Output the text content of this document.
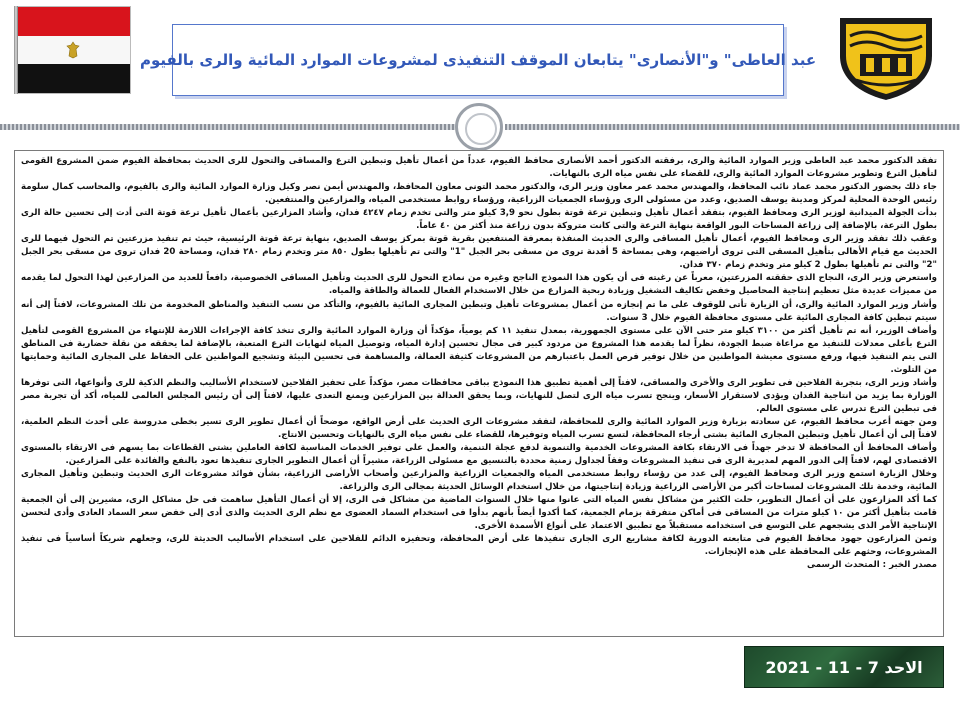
عبد العاطى" و"الأنصارى" يتابعان الموقف التنفيذى لمشروعات الموارد المائية والرى بالفيوم

تفقد الدكتور محمد عبد العاطى وزير الموارد المائية والرى، برفقته الدكتور أحمد الأنصارى محافظ الفيوم، عدداً من أعمال تأهيل وتبطين الترع والمساقى والتحول للرى الحديث بمحافظة الفيوم ضمن المشروع القومى لتأهيل الترع وتطوير مشروعات الموارد المائية والرى، للقضاء على نفس مياه الرى بالنهايات.

جاء ذلك بحضور الدكتور محمد عماد نائب المحافظ، والمهندس محمد عمر معاون وزير الرى، والدكتور محمد التونى معاون المحافظ، والمهندس أيمن نصر وكيل وزارة الموارد المائية والرى بالفيوم، والمحاسب كمال سلومة رئيس الوحدة المحلية لمركز ومدينة يوسف الصديق، وعدد من مسئولى الرى ورؤساء الجمعيات الزراعية، ورؤساء روابط مستخدمى المياه، والمزارعين والمنتفعين.

بدأت الجولة الميدانية لوزير الرى ومحافظ الفيوم، بتفقد أعمال تأهيل وتبطين ترعة قوتة بطول نحو 3,9 كيلو متر والتى تخدم زمام ٤٢٤٧ فدان، وأشاد المزارعين بأعمال تأهيل ترعة قوتة التى أدت إلى تحسين حالة الرى بطول الترعة، بالإضافة إلى زراعة المساحات البور الواقعة بنهاية الترعة والتى كانت متروكة بدون زراعة منذ أكثر من ٤٠ عاماً.

وعقب ذلك تفقد وزير الرى ومحافظ الفيوم، أعمال تأهيل المساقى والرى الحديث المنفذة بمعرفة المنتفعين بقرية قوتة بمركز يوسف الصديق، بنهاية ترعة قوتة الرئيسية، حيث تم تنفيذ مزرعتين تم التحول فيهما للرى الحديث مع قيام الأهالى بتأهيل المسقى التى تروى أراضيهم، وهى بمساحة 5 أفدنة تروى من مسقى بحر الجبل "1" والتى تم تأهيلها بطول ٨٥٠ متر وتخدم زمام ٢٨٠ فدان، ومساحة 20 فدان تروى من مسقى بحر الجبل "2" والتى تم تأهيلها بطول 2 كيلو متر وتخدم زمام ٣٧٠ فدان.

واستعرض وزير الرى، النجاح الذى حققته المزرعتين، معرباً عن رغبته فى أن يكون هذا النموذج الناجح وغيره من نماذج التحول للرى الحديث وتأهيل المساقى الخصوصية، دافعاً للعديد من المزارعين لهذا التحول لما يقدمه من مميزات عديدة مثل تعظيم إنتاجية المحاصيل وخفض تكاليف التشغيل وزيادة ربحية المزارع من خلال الاستخدام الفعال للعمالة والطاقة والمياه.

وأشار وزير الموارد المائية والرى، أن الزيارة تأتى للوقوف على ما تم إنجازه من أعمال بمشروعات تأهيل وتبطين المجارى المائية بالفيوم، والتأكد من نسب التنفيذ والمناطق المخدومة من تلك المشروعات، لافتاً إلى أنه سيتم تبطين كافة المجارى المائية على مستوى محافظة الفيوم خلال 3 سنوات.

وأضاف الوزير، أنه تم تأهيل أكثر من ٣١٠٠ كيلو متر حتى الآن على مستوى الجمهورية، بمعدل تنفيذ ١١ كم يومياً، مؤكداً أن وزارة الموارد المائية والرى تتخذ كافة الإجراءات اللازمة للإنتهاء من المشروع القومى لتأهيل الترع بأعلى معدلات للتنفيذ مع مراعاة ضبط الجودة، نظراً لما يقدمه هذا المشروع من مردود كبير فى مجال تحسين إدارة المياه، وتوصيل المياه لنهايات الترع المتعبة، بالإضافة لما يحققه من نقلة حضارية فى المناطق التى يتم التنفيذ فيها، ورفع مستوى معيشة المواطنين من خلال توفير فرص العمل باعتبارهم من المشروعات كثيفة العمالة، والمساهمة فى تحسين البيئة وتشجيع المواطنين على الحفاظ على المجارى المائية وحمايتها من التلوث.

وأشاد وزير الرى، بتجربة الفلاحين فى تطوير الرى والأخرى والمساقى، لافتاً إلى أهمية تطبيق هذا النموذج بباقى محافظات مصر، مؤكداً على تحفيز الفلاحين لاستخدام الأساليب والنظم الذكية للرى وأنواعها، التى توفرها الوزارة بما يزيد من انتاجية الفدان ويؤدى لاستقرار الأسعار، وينجح تسرب مياه الرى لتصل للنهايات، وبما يحقق العدالة بين المزارعين ويمنع التعدى عليها، لافتاً إلى أن رئيس المجلس العالمى للمياه، أكد أن تجربة مصر فى تبطين الترع تدرس على مستوى العالم.

ومن جهته أعرب محافظ الفيوم، عن سعادته بزيارة وزير الموارد المائية والرى للمحافظة، لتفقد مشروعات الرى الحديث على أرض الواقع، موضحاً أن أعمال تطوير الرى تسير بخطى مدروسة على أحدث النظم العلمية، لافتاً إلى أن أعمال تأهيل وتبطين المجارى المائية بشتى أرجاء المحافظة، لتسع تسرب المياه وتوفيرها، للقضاء على نفس مياه الرى بالنهايات وتحسين الانتاج.

وأضاف المحافظ أن المحافظة لا تدخر جهداً فى الارتقاء بكافة المشروعات الخدمية والتنموية لدفع عجلة التنمية، والعمل على توفير الخدمات المناسبة لكافة العاملين بشتى القطاعات بما يسهم فى الارتقاء بالمستوى الاقتصادى لهم، لافتاً إلى الدور المهم لمديرية الرى فى تنفيذ المشروعات وفقاً لجداول زمنية محددة بالتنسيق مع مسئولى الزراعة، مشيراً أن أعمال التطوير الجارى تنفيذها تعود بالنفع والفائدة على المزارعين.

وخلال الزيارة استمع وزير الرى ومحافظ الفيوم، إلى عدد من رؤساء روابط مستخدمى المياه والجمعيات الزراعية والمزارعين وأصحاب الأراضى الزراعية، بشأن فوائد مشروعات الرى الحديث وتبطين وتأهيل المجارى المائية، وخدمة تلك المشروعات لمساحات أكبر من الأراضى الزراعية وزيادة إنتاجيتها، من خلال استخدام الوسائل الحديثة بمجالى الرى والزراعة.

كما أكد المزارعون على أن أعمال التطوير، حلت الكثير من مشاكل نفس المياه التى عانوا منها خلال السنوات الماضية من مشاكل فى الرى، إلا أن أعمال التأهيل ساهمت فى حل مشاكل الرى، مشيرين إلى أن الجمعية قامت بتأهيل أكثر من ١٠ كيلو مترات من المساقى فى أماكن متفرقة بزمام الجمعية، كما أكدوا أيضاً بأنهم بدأوا فى استخدام السماد العضوى مع نظم الرى الحديث والذى أدى إلى خفض سعر السماد العادى وأدى لتحسن الإنتاجية الأمر الذى يشجعهم على التوسع فى استخدامه مستقبلاً مع تطبيق الاعتماد على أنواع الأسمدة الأخرى.

وثمن المزارعون جهود محافظ الفيوم فى متابعته الدورية لكافة مشاريع الرى الجارى تنفيذها على أرض المحافظة، وتحفيزه الدائم للفلاحين على استخدام الأساليب الحديثة للرى، وجعلهم شريكاً أساسياً فى تنفيذ المشروعات، وحثهم على المحافظة على هذه الإنجازات.

مصدر الخبر : المتحدث الرسمى

الاحد 7 - 11 - 2021
